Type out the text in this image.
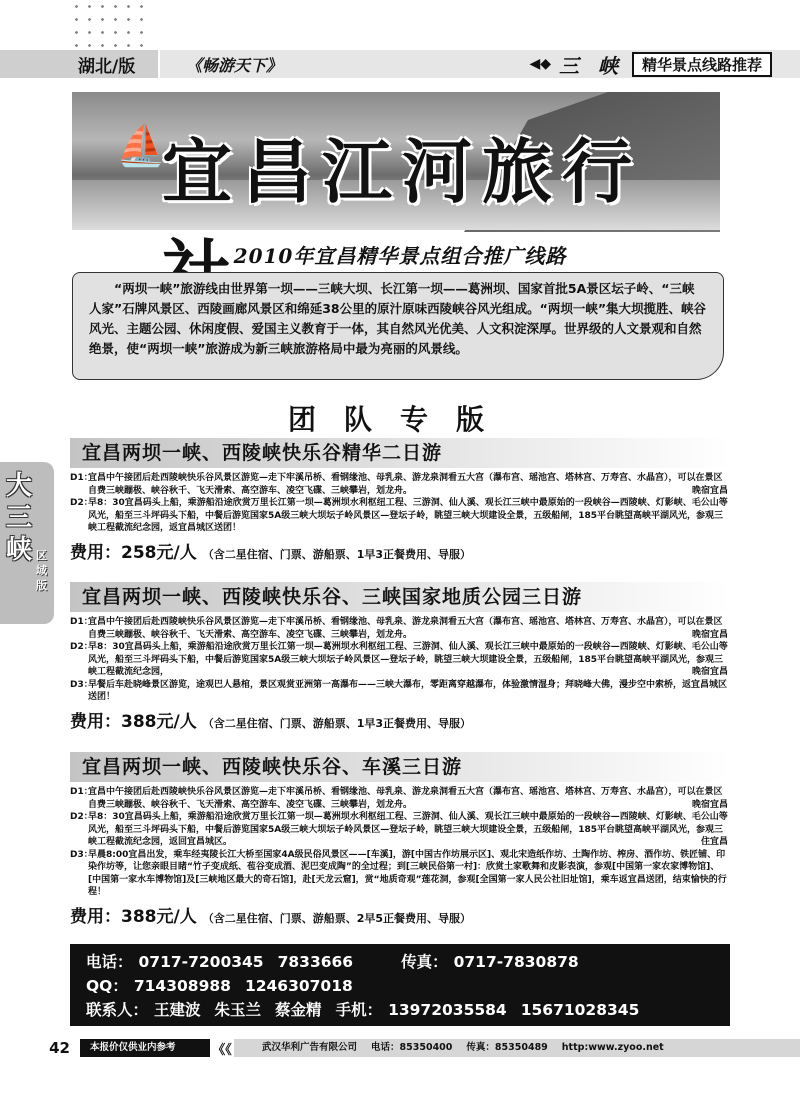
湖北/版	《畅游天下》	◀◆ 三 峡	精华景点线路推荐
⛵
宜昌江河旅行
2010年宜昌精华景点组合推广线路
“两坝一峡”旅游线由世界第一坝——三峡大坝、长江第一坝——葛洲坝、国家首批5A景区坛子岭、“三峡人家”石牌风景区、西陵画廊风景区和绵延38公里的原汁原味西陵峡谷风光组成。“两坝一峡”集大坝揽胜、峡谷风光、主题公园、休闲度假、爱国主义教育于一体，其自然风光优美、人文积淀深厚。世界级的人文景观和自然绝景，使“两坝一峡”旅游成为新三峡旅游格局中最为亮丽的风景线。
团队专版
大三峡 区域版
宜昌两坝一峡、西陵峡快乐谷精华二日游
D1：
宜昌中午接团后赴西陵峡快乐谷风景区游览—走下牢溪吊桥、看钢缘池、母乳泉、游龙泉洞看五大宫（瀑布宫、瑶池宫、塔林宫、万寿宫、水晶宫），可以在景区自费三峡蹦极、峡谷秋千、飞天滑索、高空游车、凌空飞碟、三峡攀岩，划龙舟。	晚宿宜昌
D2：
早8：30宜昌码头上船，乘游船沿途欣赏万里长江第一坝—葛洲坝水利枢纽工程、三游洞、仙人溪、观长江三峡中最原始的一段峡谷—西陵峡、灯影峡、毛公山等风光，船至三斗坪码头下船，中餐后游览国家5A级三峡大坝坛子岭风景区—登坛子岭，眺望三峡大坝建设全景，五级船闸，185平台眺望高峡平湖风光，参观三峡工程截流纪念园，返宜昌城区送团！
费用： 258元/人 （含二星住宿、门票、游船票、1早3正餐费用、导服）
宜昌两坝一峡、西陵峡快乐谷、三峡国家地质公园三日游
D1：
宜昌中午接团后赴西陵峡快乐谷风景区游览—走下牢溪吊桥、看钢缘池、母乳泉、游龙泉洞看五大宫（瀑布宫、瑶池宫、塔林宫、万寿宫、水晶宫），可以在景区自费三峡蹦极、峡谷秋千、飞天滑索、高空游车、凌空飞碟、三峡攀岩，划龙舟。	晚宿宜昌
D2：
早8：30宜昌码头上船，乘游船沿途欣赏万里长江第一坝—葛洲坝水利枢纽工程、三游洞、仙人溪、观长江三峡中最原始的一段峡谷—西陵峡、灯影峡、毛公山等风光，船至三斗坪码头下船，中餐后游览国家5A级三峡大坝坛子岭风景区—登坛子岭，眺望三峡大坝建设全景，五级船闸，185平台眺望高峡平湖风光，参观三峡工程截流纪念园，	晚宿宜昌
D3：
早餐后车赴晓峰景区游览，途观巴人悬棺，景区观赏亚洲第一高瀑布——三峡大瀑布，零距离穿越瀑布，体验激情湿身；拜晓峰大佛，漫步空中索桥，返宜昌城区送团！
费用： 388元/人 （含二星住宿、门票、游船票、1早3正餐费用、导服）
宜昌两坝一峡、西陵峡快乐谷、车溪三日游
D1：
宜昌中午接团后赴西陵峡快乐谷风景区游览—走下牢溪吊桥、看钢缘池、母乳泉、游龙泉洞看五大宫（瀑布宫、瑶池宫、塔林宫、万寿宫、水晶宫），可以在景区自费三峡蹦极、峡谷秋千、飞天滑索、高空游车、凌空飞碟、三峡攀岩，划龙舟。	晚宿宜昌
D2：
早8：30宜昌码头上船，乘游船沿途欣赏万里长江第一坝—葛洲坝水利枢纽工程、三游洞、仙人溪、观长江三峡中最原始的一段峡谷—西陵峡、灯影峡、毛公山等风光，船至三斗坪码头下船，中餐后游览国家5A级三峡大坝坛子岭风景区—登坛子岭，眺望三峡大坝建设全景，五级船闸，185平台眺望高峡平湖风光，参观三峡工程截流纪念园，返回宜昌城区。	住宜昌
D3：
早晨8:00宜昌出发，乘车经夷陵长江大桥至国家4A级民俗风景区——[车溪]，游[中国古作坊展示区]、观北宋造纸作坊、土陶作坊、榨房、酒作坊、铁匠铺、印染作坊等，让您亲眼目睹“竹子变成纸、苞谷变成酒、泥巴变成陶”的全过程；到[三峡民俗第一村]：欣赏土家歌舞和皮影表演，参观[中国第一家农家博物馆]、[中国第一家水车博物馆]及[三峡地区最大的奇石馆]，赴[天龙云窟]，赏“地质奇观”莲花洞，参观[全国第一家人民公社旧址馆]，乘车返宜昌送团，结束愉快的行程！
费用： 388元/人 （含二星住宿、门票、游船票、2早5正餐费用、导服）
电话： 0717-7200345 7833666	传真： 0717-7830878
QQ： 714308988 1246307018
联系人： 王建波 朱玉兰 蔡金精 手机： 13972035584 15671028345
42	本报价仅供业内参考	《《	武汉华利广告有限公司 电话：85350400 传真：85350489 http:www.zyoo.net
